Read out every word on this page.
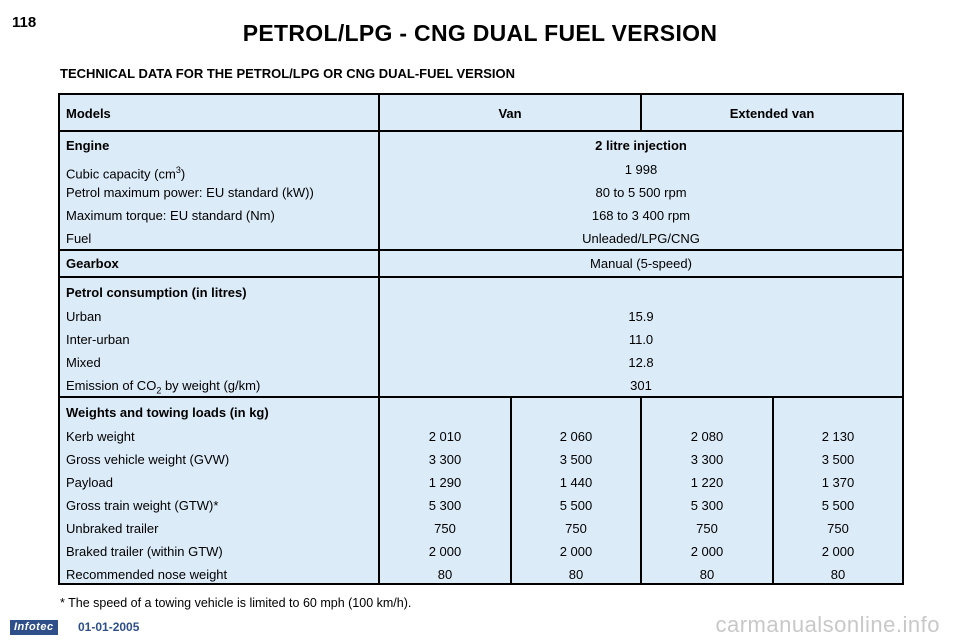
118	PETROL/LPG - CNG DUAL FUEL VERSION
TECHNICAL DATA FOR THE PETROL/LPG OR CNG DUAL-FUEL VERSION
Models	Van	Extended van
Engine	2 litre injection
Cubic capacity $(cm^3)$	1 998
Petrol maximum power: EU standard (kW))	80 to 5 500 rpm
Maximum torque: EU standard (Nm)	168 to 3 400 rpm
Fuel	Unleaded/LPG/CNG
Gearbox	Manual (5-speed)
Petrol consumption (in litres)
Urban	15.9
Inter-urban	11.0
Mixed	12.8
Emission of $CO_2$ by weight (g/km)	301
Weights and towing loads (in kg)
Kerb weight	2 010	2 060	2 080	2 130
Gross vehicle weight (GVW)	3 300	3 500	3 300	3 500
Payload	1 290	1 440	1 220	1 370
Gross train weight (GTW)*	5 300	5 500	5 300	5 500
Unbraked trailer	750	750	750	750
Braked trailer (within GTW)	2 000	2 000	2 000	2 000
Recommended nose weight	80	80	80	80
* The speed of a towing vehicle is limited to 60 mph (100 km/h).
Infotec	01-01-2005	carmanualsonline.info
